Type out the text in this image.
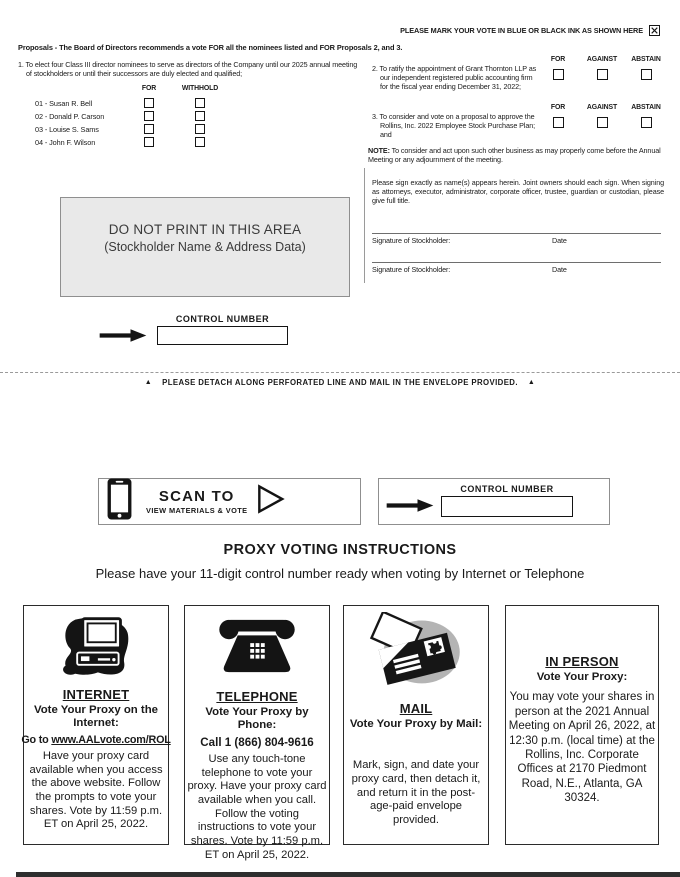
PLEASE MARK YOUR VOTE IN BLUE OR BLACK INK AS SHOWN HERE
Proposals - The Board of Directors recommends a vote FOR all the nominees listed and FOR Proposals 2, and 3.
1. To elect four Class III director nominees to serve as directors of the Company until our 2025 annual meeting of stockholders or until their successors are duly elected and qualified;
FOR	WITHHOLD
01 - Susan R. Bell
02 - Donald P. Carson
03 - Louise S. Sams
04 - John F. Wilson
FOR	AGAINST	ABSTAIN
2. To ratify the appointment of Grant Thornton LLP as our independent registered public accounting firm for the fiscal year ending December 31, 2022;
FOR	AGAINST	ABSTAIN
3. To consider and vote on a proposal to approve the Rollins, Inc. 2022 Employee Stock Purchase Plan; and
NOTE: To consider and act upon such other business as may properly come before the Annual Meeting or any adjournment of the meeting.
Please sign exactly as name(s) appears herein. Joint owners should each sign. When signing as attorneys, executor, administrator, corporate officer, trustee, guardian or custodian, please give full title.
Signature of Stockholder:	Date
Signature of Stockholder:	Date
DO NOT PRINT IN THIS AREA
(Stockholder Name & Address Data)
CONTROL NUMBER
▲ PLEASE DETACH ALONG PERFORATED LINE AND MAIL IN THE ENVELOPE PROVIDED. ▲
SCAN TO
VIEW MATERIALS & VOTE
CONTROL NUMBER
PROXY VOTING INSTRUCTIONS
Please have your 11-digit control number ready when voting by Internet or Telephone
INTERNET
Vote Your Proxy on the Internet:
Go to www.AALvote.com/ROL
Have your proxy card available when you access the above website. Follow the prompts to vote your shares. Vote by 11:59 p.m. ET on April 25, 2022.
TELEPHONE
Vote Your Proxy by Phone:
Call 1 (866) 804-9616
Use any touch-tone telephone to vote your proxy. Have your proxy card available when you call. Follow the voting instructions to vote your shares. Vote by 11:59 p.m. ET on April 25, 2022.
MAIL
Vote Your Proxy by Mail:
Mark, sign, and date your proxy card, then detach it, and return it in the post-age-paid envelope provided.
IN PERSON
Vote Your Proxy:
You may vote your shares in person at the 2021 Annual Meeting on April 26, 2022, at 12:30 p.m. (local time) at the Rollins, Inc. Corporate Offices at 2170 Piedmont Road, N.E., Atlanta, GA 30324.
